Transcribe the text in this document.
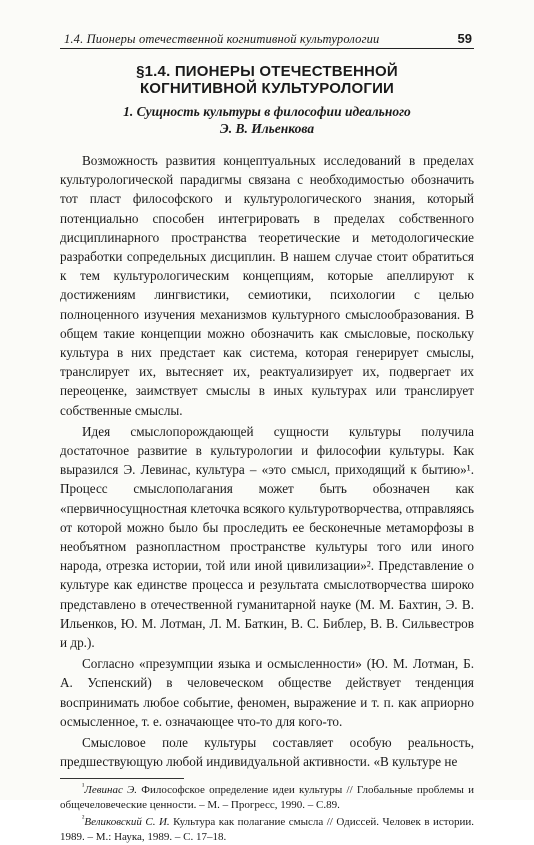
1.4. Пионеры отечественной когнитивной культурологии	59
§1.4. ПИОНЕРЫ ОТЕЧЕСТВЕННОЙ
КОГНИТИВНОЙ КУЛЬТУРОЛОГИИ
1. Сущность культуры в философии идеального
Э. В. Ильенкова

Возможность развития концептуальных исследований в пределах культурологической парадигмы связана с необходимостью обозначить тот пласт философского и культурологического знания, который потенциально способен интегрировать в пределах собственного дисциплинарного пространства теоретические и методологические разработки сопредельных дисциплин. В нашем случае стоит обратиться к тем культурологическим концепциям, которые апеллируют к достижениям лингвистики, семиотики, психологии с целью полноценного изучения механизмов культурного смыслообразования. В общем такие концепции можно обозначить как смысловые, поскольку культура в них предстает как система, которая генерирует смыслы, транслирует их, вытесняет их, реактуализирует их, подвергает их переоценке, заимствует смыслы в иных культурах или транслирует собственные смыслы.

Идея смыслопорождающей сущности культуры получила достаточное развитие в культурологии и философии культуры. Как выразился Э. Левинас, культура – «это смысл, приходящий к бытию»¹. Процесс смыслополагания может быть обозначен как «первичносущностная клеточка всякого культуротворчества, отправляясь от которой можно было бы проследить ее бесконечные метаморфозы в необъятном разнопластном пространстве культуры того или иного народа, отрезка истории, той или иной цивилизации»². Представление о культуре как единстве процесса и результата смыслотворчества широко представлено в отечественной гуманитарной науке (М. М. Бахтин, Э. В. Ильенков, Ю. М. Лотман, Л. М. Баткин, В. С. Библер, В. В. Сильвестров и др.).

Согласно «презумпции языка и осмысленности» (Ю. М. Лотман, Б. А. Успенский) в человеческом обществе действует тенденция воспринимать любое событие, феномен, выражение и т. п. как априорно осмысленное, т. е. означающее что-то для кого-то.

Смысловое поле культуры составляет особую реальность, предшествующую любой индивидуальной активности. «В культуре не

$^{^1}$Левинас Э. Философское определение идеи культуры // Глобальные проблемы и общечеловеческие ценности. – М. – Прогресс, 1990. – С.89.

$^{^2}$Великовский С. И. Культура как полагание смысла // Одиссей. Человек в истории. 1989. – М.: Наука, 1989. – С. 17–18.
